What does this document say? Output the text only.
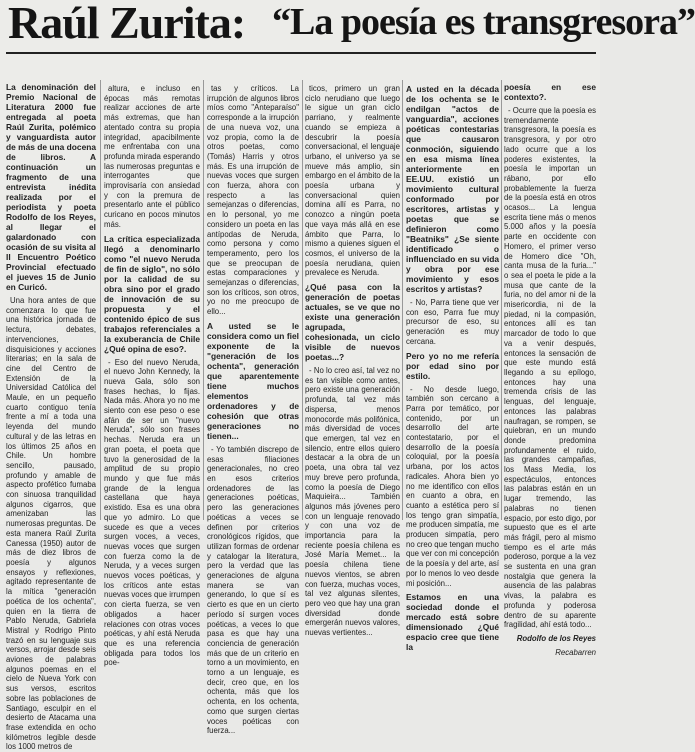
Raúl Zurita: “La poesía es transgresora”

La denominación del Premio Nacional de Literatura 2000 fue entregada al poeta Raúl Zurita, polémico y vanguardista autor de más de una docena de libros. A continuación un fragmento de una entrevista inédita realizada por el periodista y poeta Rodolfo de los Reyes, al llegar el galardonado con ocasión de su visita al II Encuentro Poético Provincial efectuado el jueves 15 de Junio en Curicó.

Una hora antes de que comenzara lo que fue una histórica jornada de lectura, debates, intervenciones, disquisiciones y acciones literarias; en la sala de cine del Centro de Extensión de la Universidad Católica del Maule, en un pequeño cuarto contiguo tenía frente a mí a toda una leyenda del mundo cultural y de las letras en los últimos 25 años en Chile. Un hombre sencillo, pausado, profundo y amable de aspecto profético fumaba con sinuosa tranquilidad algunos cigarros, que amenizaban las numerosas preguntas. De esta manera Raúl Zurita Canessa (1950) autor de más de diez libros de poesía y algunos ensayos y reflexiones, agitado representante de la mítica "generación poética de los ochenta", quien en la tierra de Pablo Neruda, Gabriela Mistral y Rodrigo Pinto trazó en su lenguaje sus versos, arrojar desde seis aviones de palabras algunos poemas en el cielo de Nueva York con sus versos, escritos sobre las poblaciones de Santiago, esculpir en el desierto de Atacama una frase extendida en ocho kilómetros legible desde los 1000 metros de

altura, e incluso en épocas más remotas realizar acciones de arte más extremas, que han atentado contra su propia integridad, apacibilmente me enfrentaba con una profunda mirada esperando las numerosas preguntas e interrogantes que improvisaría con ansiedad y con la premura de presentarlo ante el público curicano en pocos minutos más.

La crítica especializada llegó a denominarlo como "el nuevo Neruda de fin de siglo", no sólo por la calidad de su obra sino por el grado de innovación de su propuesta y el contenido épico de sus trabajos referenciales a la exuberancia de Chile ¿Qué opina de eso?.

- Eso del nuevo Neruda, el nuevo John Kennedy, la nueva Gala, sólo son frases hechas, lo fijas. Nada más. Ahora yo no me siento con ese peso o ese afán de ser un "nuevo Neruda", sólo son frases hechas. Neruda era un gran poeta, el poeta que tuvo la generosidad de la amplitud de su propio mundo y que fue más grande de la lengua castellana que haya existido. Esa es una obra que yo admiro. Lo que sucede es que a veces surgen voces, a veces, nuevas voces que surgen con fuerza como la de Neruda, y a veces surgen nuevos voces poéticas, y los críticos ante estas nuevas voces que irrumpen con cierta fuerza, se ven obligados a hacer relaciones con otras voces poéticas, y ahí está Neruda que es una referencia obligada para todos los poe-

tas y críticos. La irrupción de algunos libros míos como "Anteparaíso" corresponde a la irrupción de una nueva voz, una voz propia, como la de otros poetas, como (Tomás) Harris y otros más. Es una irrupción de nuevas voces que surgen con fuerza, ahora con respecto a las semejanzas o diferencias, en lo personal, yo me considero un poeta en las antípodas de Neruda, como persona y como temperamento, pero los que se preocupan de estas comparaciones y semejanzas o diferencias, son los críticos, son otros, yo no me preocupo de ello...

A usted se le considera como un fiel exponente de la "generación de los ochenta", generación que aparentemente tiene muchos elementos ordenadores y de cohesión que otras generaciones no tienen...

- Yo también discrepo de esas filiaciones generacionales, no creo en esos criterios ordenadores de las generaciones poéticas, pero las generaciones poéticas a veces se definen por criterios cronológicos rígidos, que utilizan formas de ordenar y catalogar la literatura, pero la verdad que las generaciones de alguna manera se van generando, lo que sí es cierto es que en un cierto período sí surgen voces poéticas, a veces lo que pasa es que hay una conciencia de generación más que de un criterio en torno a un movimiento, en torno a un lenguaje, es decir, creo que, en los ochenta, más que los ochenta, en los ochenta, como que surgen ciertas voces poéticas con fuerza...

ticos, primero un gran ciclo nerudiano que luego le sigue un gran ciclo parriano, y realmente cuando se empieza a descubrir la poesía conversacional, el lenguaje urbano, el universo ya se mueve más amplio, sin embargo en el ámbito de la poesía urbana y conversacional quien domina allí es Parra, no conozco a ningún poeta que vaya más allá en ese ámbito que Parra, lo mismo a quienes siguen el cosmos, el universo de la poesía nerudiana, quien prevalece es Neruda.

¿Qué pasa con la generación de poetas actuales, se ve que no existe una generación agrupada, cohesionada, un ciclo visible de nuevos poetas...?

- No lo creo así, tal vez no es tan visible como antes, pero existe una generación profunda, tal vez más dispersa, menos monocorde más polifónica, más diversidad de voces que emergen, tal vez en silencio, entre ellos quiero destacar a la obra de un poeta, una obra tal vez muy breve pero profunda, como la poesía de Diego Maquieira... También algunos más jóvenes pero con un lenguaje renovado y con una voz de importancia para la reciente poesía chilena es José María Memet... la poesía chilena tiene nuevos vientos, se abren con fuerza, muchas voces, tal vez algunas silentes, pero veo que hay una gran diversidad donde emergerán nuevos valores, nuevas vertientes...

A usted en la década de los ochenta se le endilgan "actos de vanguardia", acciones poéticas contestarias que causaron conmoción, siguiendo en esa misma línea anteriormente en EE.UU. existió un movimiento cultural conformado por escritores, artistas y poetas que se definieron como "Beatniks" ¿Se siente identificado o influenciado en su vida y obra por ese movimiento y esos escritos y artistas?

- No, Parra tiene que ver con eso, Parra fue muy precursor de eso, su generación es muy cercana.

Pero yo no me refería por edad sino por estilo.

- No desde luego, también son cercano a Parra por temático, por contenido, por un desarrollo del arte contestatario, por el desarrollo de la poesía coloquial, por la poesía urbana, por los actos radicales. Ahora bien yo no me identifico con ellos en cuanto a obra, en cuanto a estética pero sí los tengo gran simpatía, me producen simpatía, me producen simpatía, pero no creo que tengan mucho que ver con mi concepción de la poesía y del arte, así por lo menos lo veo desde mi posición...

Estamos en una sociedad donde el mercado está sobre dimensionado ¿Qué espacio cree que tiene la

poesía en ese contexto?.

- Ocurre que la poesía es tremendamente transgresora, la poesía es transgresora, y por otro lado ocurre que a los poderes existentes, la poesía le importan un rábano, por ello probablemente la fuerza de la poesía está en otros ocasos... La lengua escrita tiene más o menos 5.000 años y la poesía parte en occidente con Homero, el primer verso de Homero dice "Oh, canta musa de la furia..." o sea el poeta le pide a la musa que cante de la furia, no del amor ni de la misericordia, ni de la piedad, ni la compasión, entonces allí es tan marcador de todo lo que va a venir después, entonces la sensación de que este mundo está llegando a su epílogo, entonces hay una tremenda crisis de las lenguas, del lenguaje, entonces las palabras naufragan, se rompen, se quiebran, en un mundo donde predomina profundamente el ruido, las grandes campañas, los Mass Media, los espectáculos, entonces las palabras están en un lugar tremendo, las palabras no tienen espacio, por esto digo, por supuesto que es el arte más frágil, pero al mismo tiempo es el arte más poderoso, porque a la vez se sustenta en una gran nostalgia que genera la ausencia de las palabras vivas, la palabra es profunda y poderosa dentro de su aparente fragilidad, ahí está todo...

Rodolfo de los Reyes

Recabarren
